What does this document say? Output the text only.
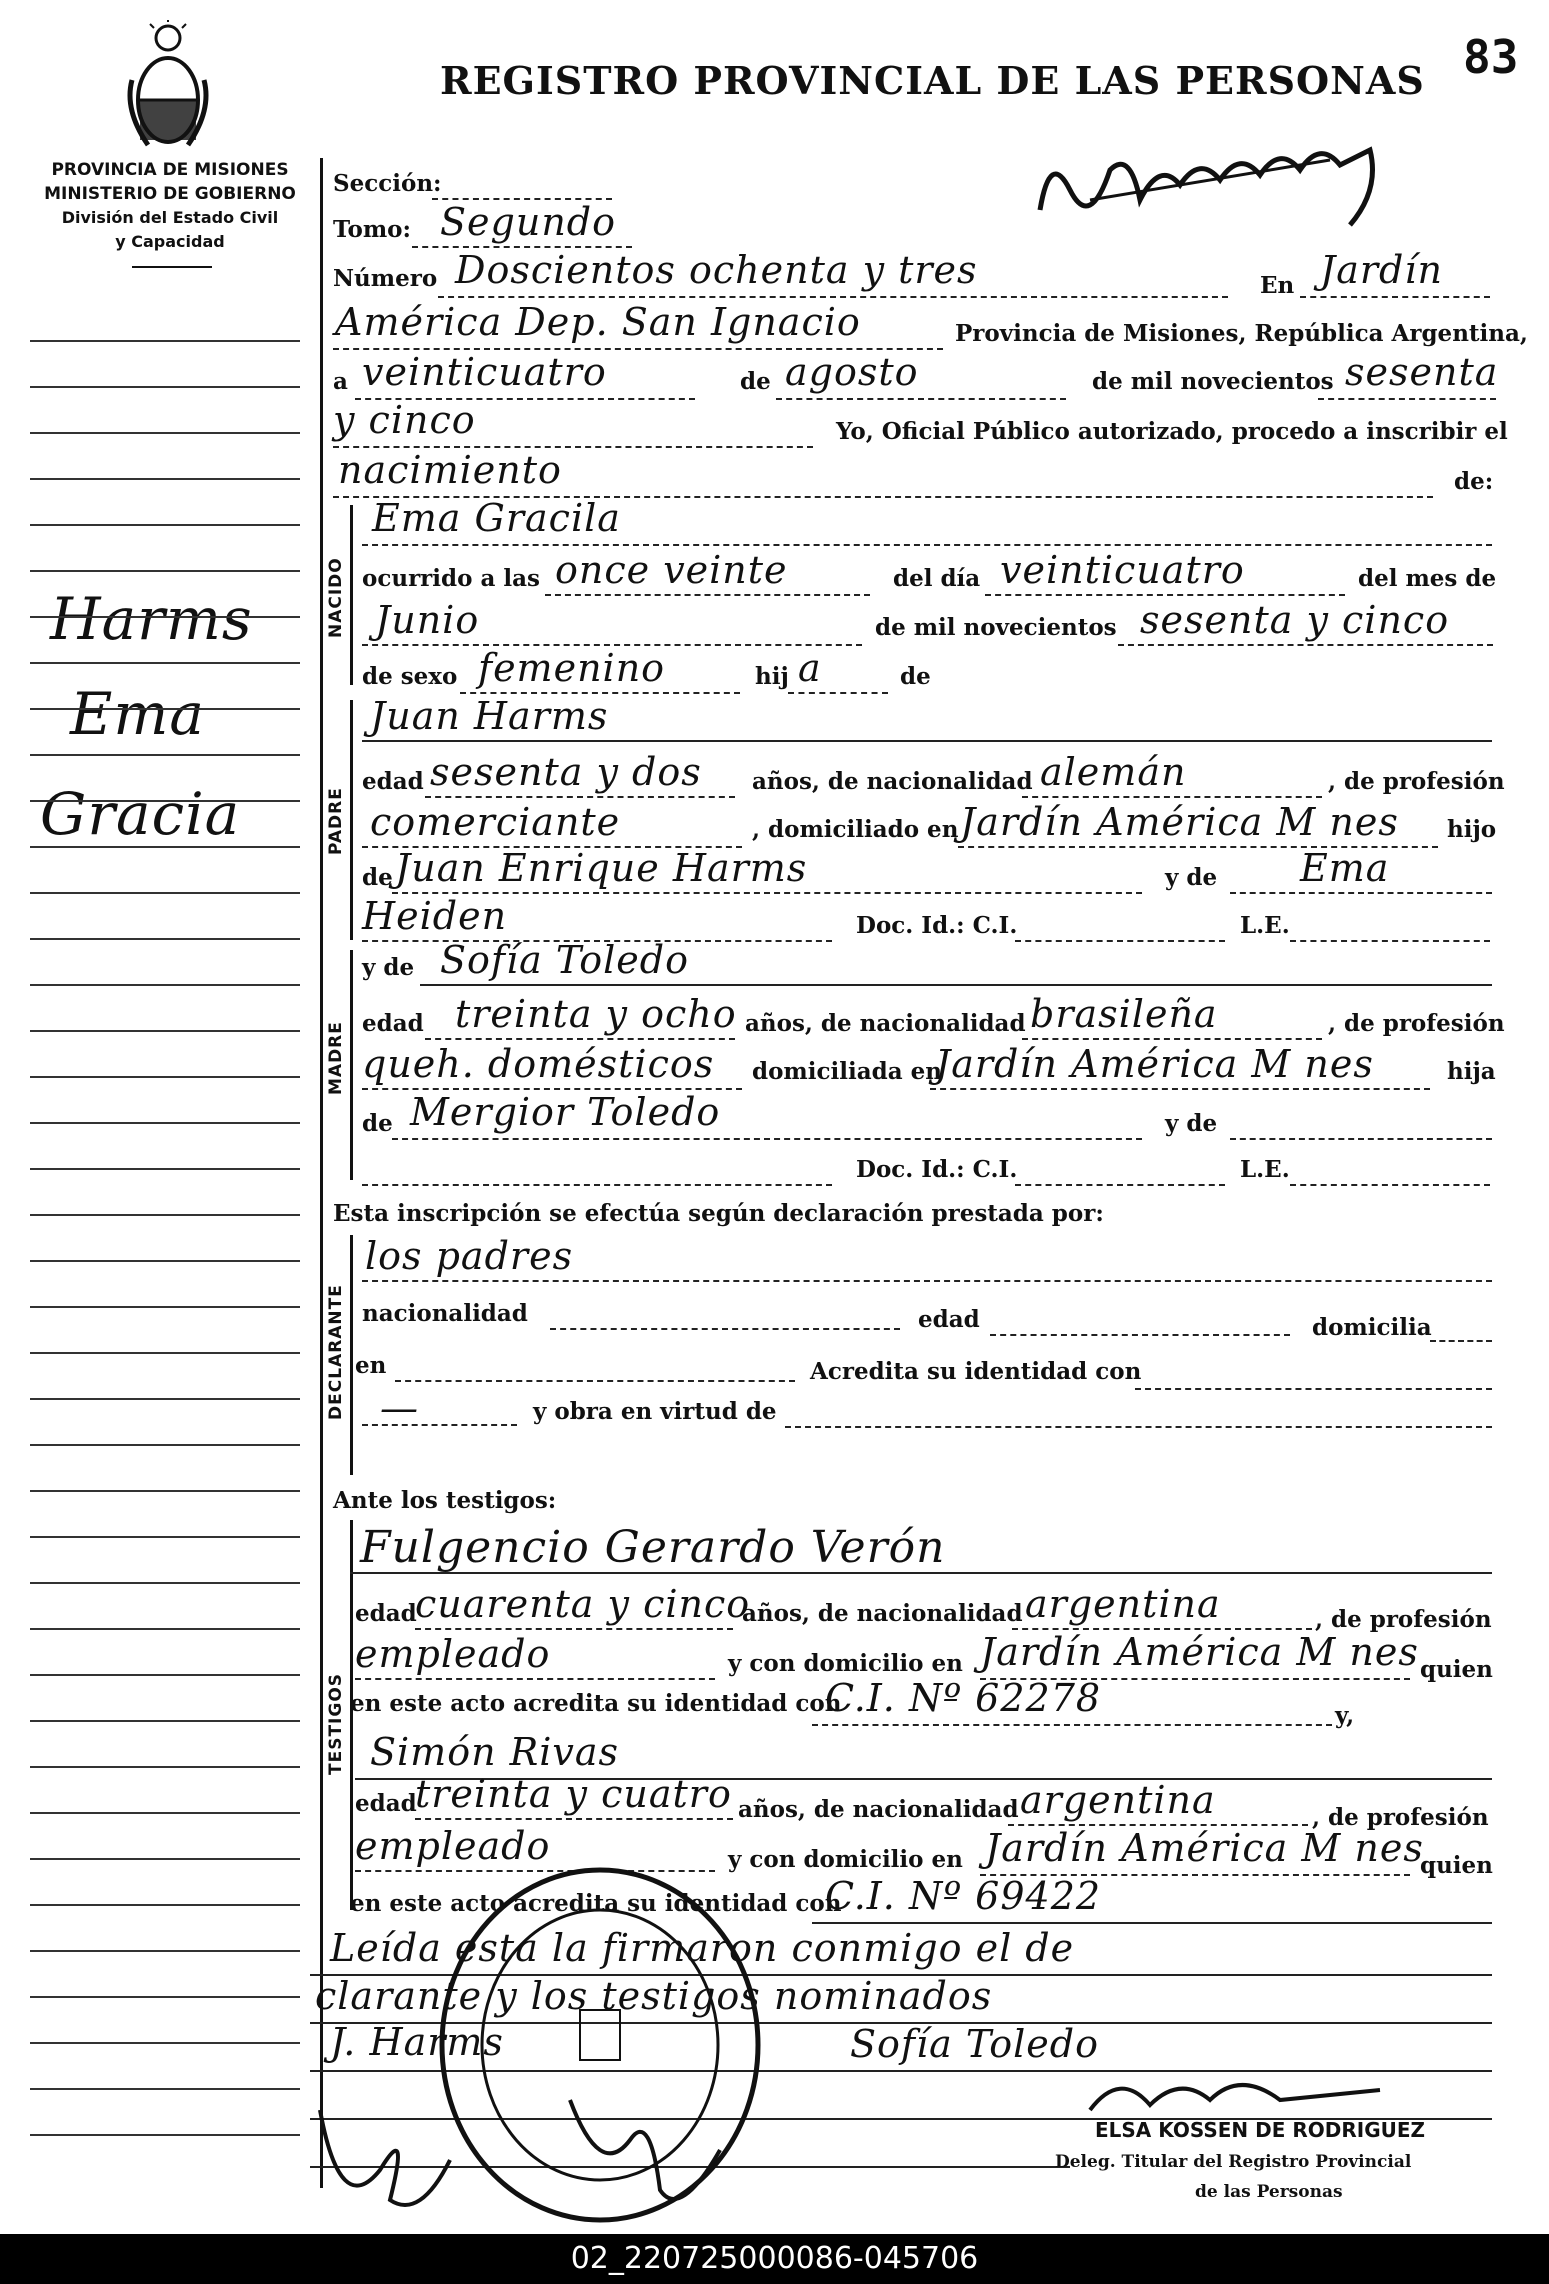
83
REGISTRO PROVINCIAL DE LAS PERSONAS
PROVINCIA DE MISIONES
MINISTERIO DE GOBIERNO
División del Estado Civil
y Capacidad
Harms
Ema
Gracia
Sección:
Tomo: Segundo
Número Doscientos ochenta y tres	En Jardín
América Dep. San Ignacio	Provincia de Misiones, República Argentina,
a veinticuatro	de agosto	de mil novecientos sesenta
y cinco	Yo, Oficial Público autorizado, procedo a inscribir el
nacimiento	de:
NACIDO
Ema Gracila
ocurrido a las once veinte	del día veinticuatro	del mes de
Junio	de mil novecientos sesenta y cinco
de sexo femenino	hij a	de
PADRE
Juan Harms
edad sesenta y dos años, de nacionalidad alemán	, de profesión
comerciante	, domiciliado en Jardín América M nes hijo
de Juan Enrique Harms	y de Ema
Heiden	Doc. Id.: C.I.	L.E.
MADRE
y de Sofía Toledo
edad treinta y ocho años, de nacionalidad brasileña	, de profesión
queh. domésticos domiciliada en
Jardín América M nes	hija
de Mergior Toledo	y de
Doc. Id.: C.I.	L.E.
Esta inscripción se efectúa según declaración prestada por:
DECLARANTE
los padres
nacionalidad	edad	domicilia
en	Acredita su identidad con
—	y obra en virtud de
Ante los testigos:
TESTIGOS
Fulgencio Gerardo Verón
edad
cuarenta y cinco
años, de nacionalidad argentina	, de profesión
empleado	y con domicilio en Jardín América M nes quien
en este acto acredita su identidad con
C.I. Nº 62278	y,
Simón Rivas
edad
treinta y cuatro años, de nacionalidad argentina	, de profesión
empleado	y con domicilio en Jardín América M nes
quien
en este acto acredita su identidad con
C.I. Nº 69422
Leída esta la firmaron conmigo el de
clarante y los testigos nominados
Sofía Toledo
J. Harms
ELSA KOSSEN DE RODRIGUEZ
Deleg. Titular del Registro Provincial
de las Personas
02_220725000086-045706
